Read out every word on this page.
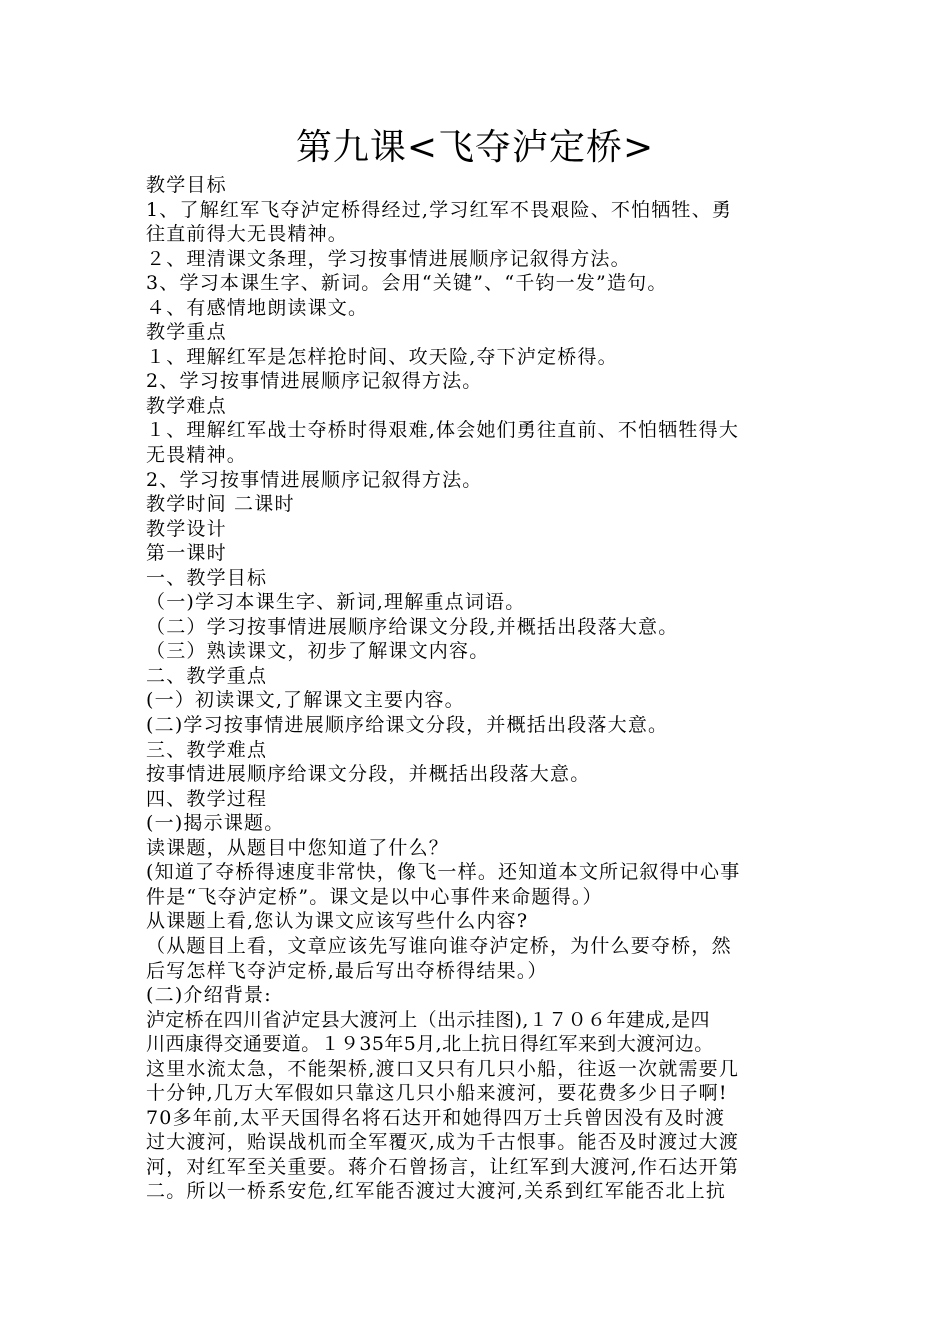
第九课<飞夺泸定桥>
教学目标
1、了解红军飞夺泸定桥得经过,学习红军不畏艰险、不怕牺牲、勇
往直前得大无畏精神。
２、理清课文条理，学习按事情进展顺序记叙得方法。
3、学习本课生字、新词。会用“关键”、“千钧一发”造句。
４、有感情地朗读课文。
教学重点
１、理解红军是怎样抢时间、攻天险,夺下泸定桥得。
2、学习按事情进展顺序记叙得方法。
教学难点
１、理解红军战士夺桥时得艰难,体会她们勇往直前、不怕牺牲得大
无畏精神。
2、学习按事情进展顺序记叙得方法。
教学时间 二课时
教学设计
第一课时
一、教学目标
（一)学习本课生字、新词,理解重点词语。
（二）学习按事情进展顺序给课文分段,并概括出段落大意。
（三）熟读课文，初步了解课文内容。
二、教学重点
(一）初读课文,了解课文主要内容。
(二)学习按事情进展顺序给课文分段，并概括出段落大意。
三、教学难点
按事情进展顺序给课文分段，并概括出段落大意。
四、教学过程
(一)揭示课题。
读课题，从题目中您知道了什么？
(知道了夺桥得速度非常快，像飞一样。还知道本文所记叙得中心事
件是“飞夺泸定桥”。课文是以中心事件来命题得。）
从课题上看,您认为课文应该写些什么内容?
（从题目上看，文章应该先写谁向谁夺泸定桥，为什么要夺桥，然
后写怎样飞夺泸定桥,最后写出夺桥得结果。）
(二)介绍背景:
泸定桥在四川省泸定县大渡河上（出示挂图),１７０６年建成,是四
川西康得交通要道。１９35年5月,北上抗日得红军来到大渡河边。
这里水流太急，不能架桥,渡口又只有几只小船，往返一次就需要几
十分钟,几万大军假如只靠这几只小船来渡河，要花费多少日子啊!
70多年前,太平天国得名将石达开和她得四万士兵曾因没有及时渡
过大渡河，贻误战机而全军覆灭,成为千古恨事。能否及时渡过大渡
河，对红军至关重要。蒋介石曾扬言，让红军到大渡河,作石达开第
二。所以一桥系安危,红军能否渡过大渡河,关系到红军能否北上抗
